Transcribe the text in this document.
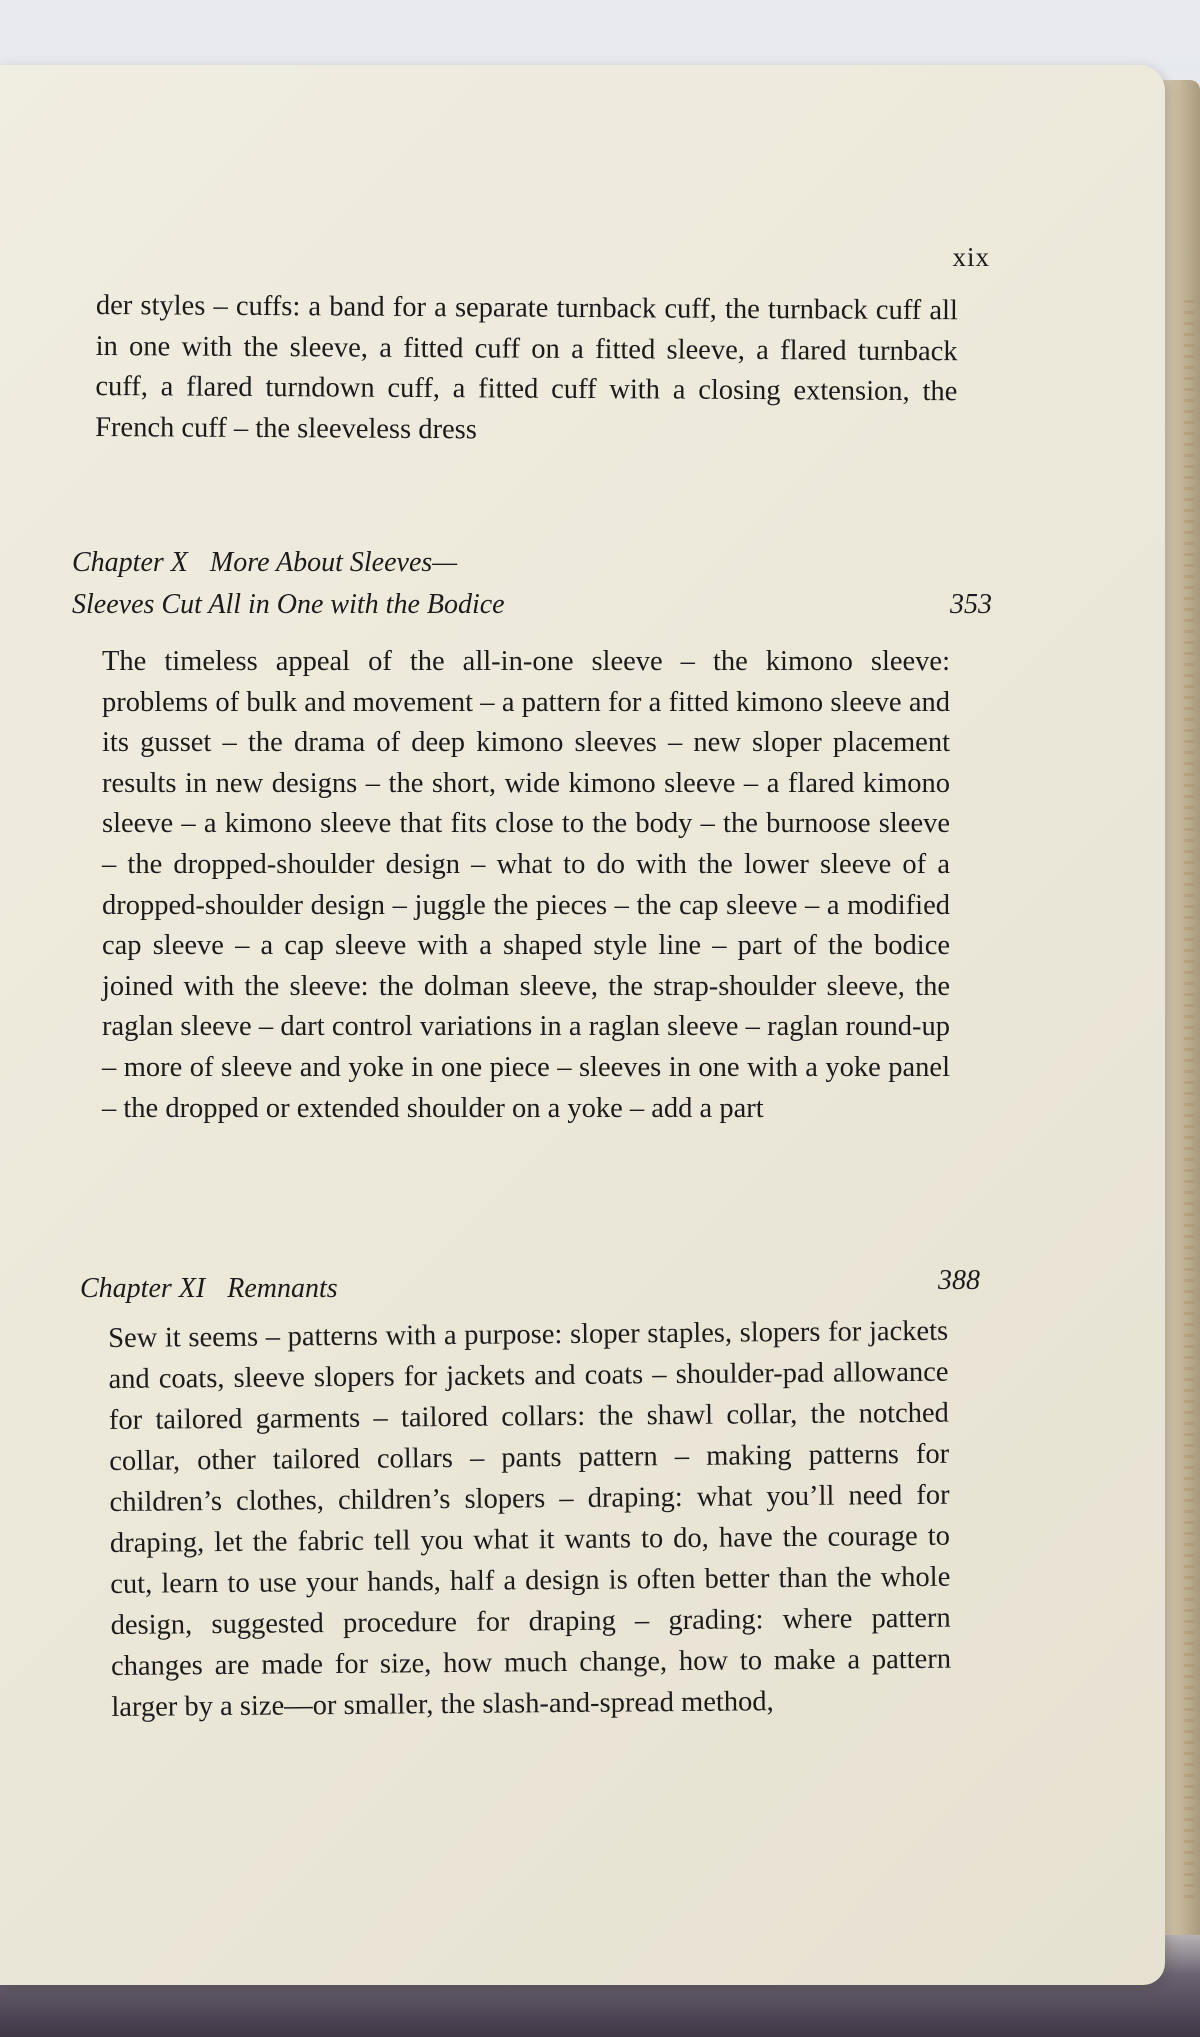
xix

der styles – cuffs: a band for a separate turnback cuff, the turnback cuff all in one with the sleeve, a fitted cuff on a fitted sleeve, a flared turnback cuff, a flared turndown cuff, a fitted cuff with a closing extension, the French cuff – the sleeveless dress

Chapter X More About Sleeves—
Sleeves Cut All in One with the Bodice	353

The timeless appeal of the all-in-one sleeve – the kimono sleeve: problems of bulk and movement – a pattern for a fitted kimono sleeve and its gusset – the drama of deep kimono sleeves – new sloper placement results in new designs – the short, wide kimono sleeve – a flared kimono sleeve – a kimono sleeve that fits close to the body – the burnoose sleeve – the dropped-shoulder design – what to do with the lower sleeve of a dropped-shoulder design – juggle the pieces – the cap sleeve – a modified cap sleeve – a cap sleeve with a shaped style line – part of the bodice joined with the sleeve: the dolman sleeve, the strap-shoulder sleeve, the raglan sleeve – dart control variations in a raglan sleeve – raglan round-up – more of sleeve and yoke in one piece – sleeves in one with a yoke panel – the dropped or extended shoulder on a yoke – add a part

Chapter XI Remnants	388

Sew it seems – patterns with a purpose: sloper staples, slopers for jackets and coats, sleeve slopers for jackets and coats – shoulder-pad allowance for tailored garments – tailored collars: the shawl collar, the notched collar, other tailored collars – pants pattern – making patterns for children’s clothes, children’s slopers – draping: what you’ll need for draping, let the fabric tell you what it wants to do, have the courage to cut, learn to use your hands, half a design is often better than the whole design, suggested procedure for draping – grading: where pattern changes are made for size, how much change, how to make a pattern larger by a size—or smaller, the slash-and-spread method,
